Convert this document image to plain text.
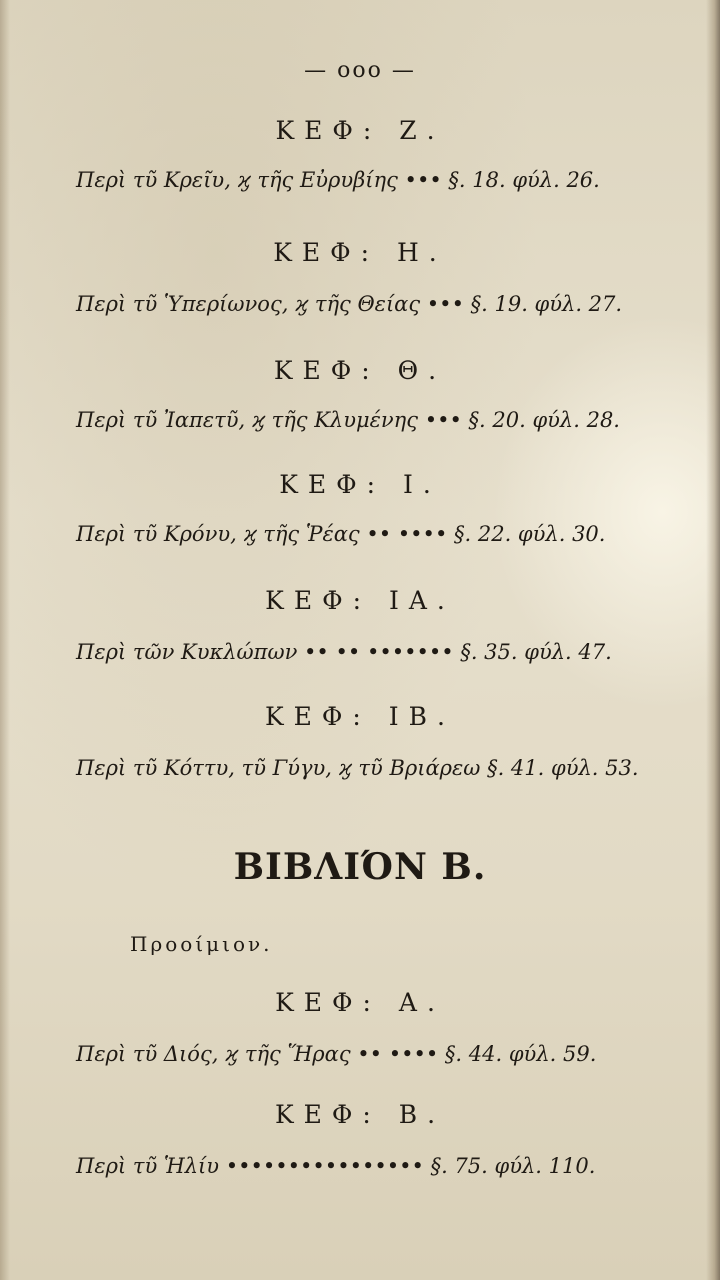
— ooo —
ΚΕΦ: Ζ.
Περὶ τῦ Κρεῖυ, ϗ τῆς Εὐρυβίης ••• §. 18. φύλ. 26.
ΚΕΦ: Η.
Περὶ τῦ Ὑπερίωνος, ϗ τῆς Θείας ••• §. 19. φύλ. 27.
ΚΕΦ: Θ.
Περὶ τῦ Ἰαπετῦ, ϗ τῆς Κλυμένης ••• §. 20. φύλ. 28.
ΚΕΦ: Ι.
Περὶ τῦ Κρόνυ, ϗ τῆς Ῥέας •• •••• §. 22. φύλ. 30.
ΚΕΦ: ΙΑ.
Περὶ τῶν Κυκλώπων •• •• ••••••• §. 35. φύλ. 47.
ΚΕΦ: ΙΒ.
Περὶ τῦ Κόττυ, τῦ Γύγυ, ϗ τῦ Βριάρεω §. 41. φύλ. 53.
ΒΙΒΛΙΌΝ Β.
Προοίμιον.
ΚΕΦ: Α.
Περὶ τῦ Διός, ϗ τῆς Ἥρας •• •••• §. 44. φύλ. 59.
ΚΕΦ: Β.
Περὶ τῦ Ἡλίυ •••••••••••••••• §. 75. φύλ. 110.
